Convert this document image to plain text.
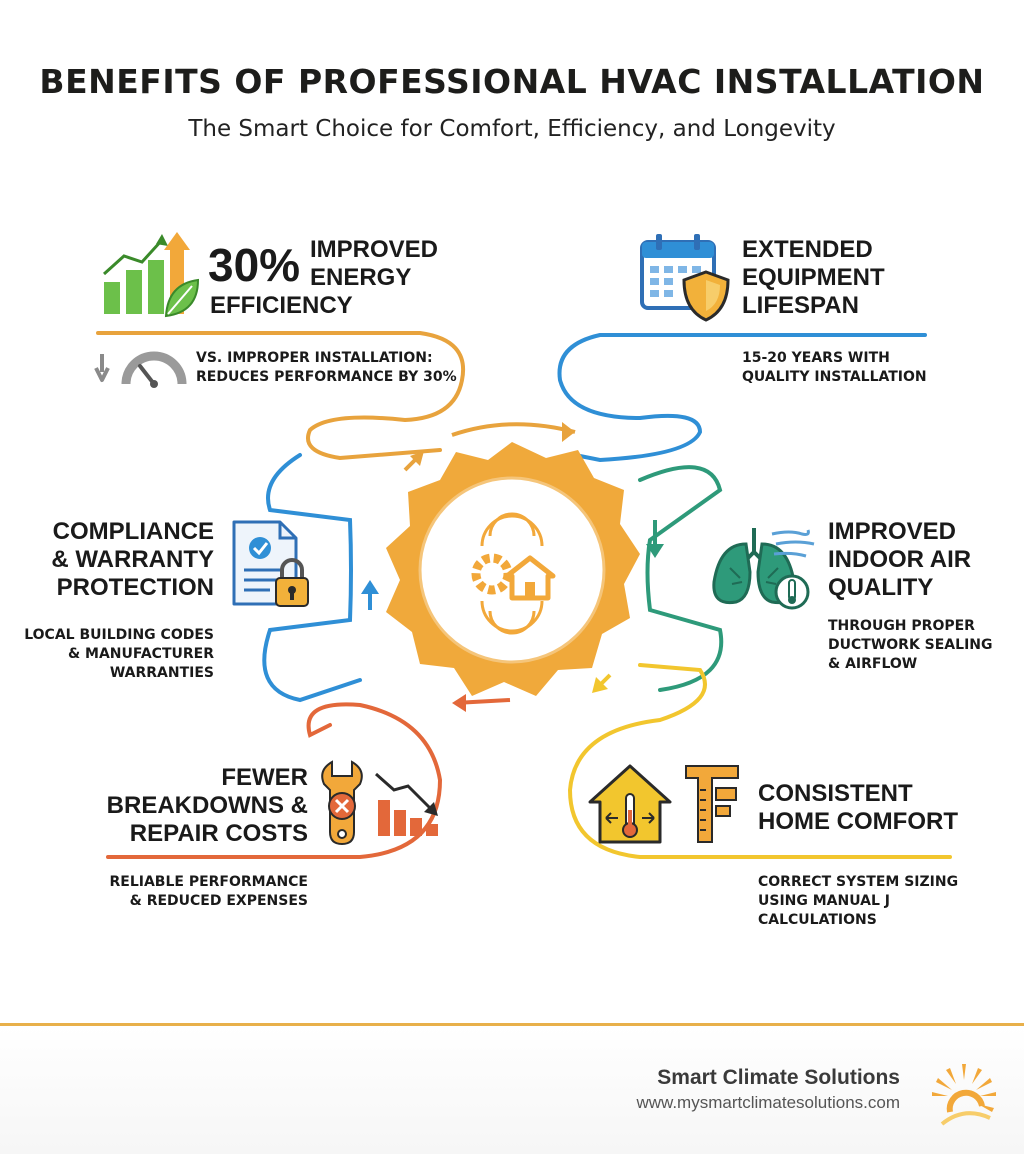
BENEFITS OF PROFESSIONAL HVAC INSTALLATION
The Smart Choice for Comfort, Efficiency, and Longevity
30% IMPROVED
ENERGY
EFFICIENCY
VS. IMPROPER INSTALLATION:
REDUCES PERFORMANCE BY 30%
EXTENDED
EQUIPMENT
LIFESPAN
15-20 YEARS WITH
QUALITY INSTALLATION
COMPLIANCE
& WARRANTY
PROTECTION
LOCAL BUILDING CODES
& MANUFACTURER
WARRANTIES
IMPROVED
INDOOR AIR
QUALITY
THROUGH PROPER
DUCTWORK SEALING
& AIRFLOW
FEWER
BREAKDOWNS &
REPAIR COSTS
RELIABLE PERFORMANCE
& REDUCED EXPENSES
CONSISTENT
HOME COMFORT
CORRECT SYSTEM SIZING
USING MANUAL J
CALCULATIONS
Smart Climate Solutions
www.mysmartclimatesolutions.com
